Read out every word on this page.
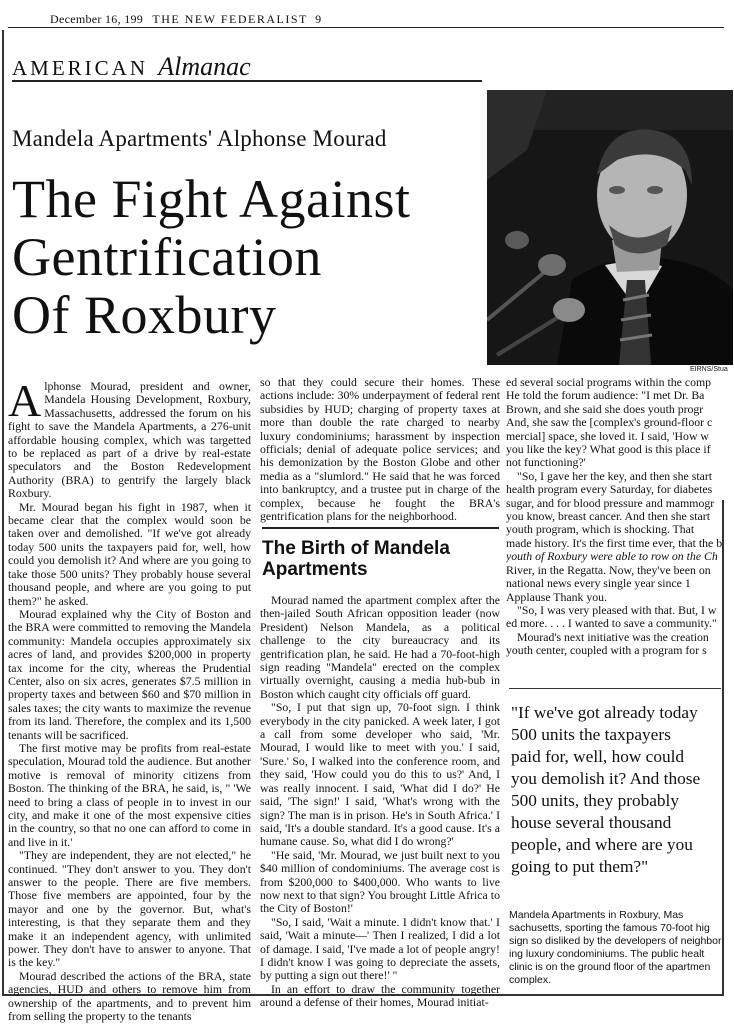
December 16, 199 THE NEW FEDERALIST 9
AMERICAN Almanac
Mandela Apartments' Alphonse Mourad
The Fight Against
Gentrification
Of Roxbury
EIRNS/Stua

Alphonse Mourad, president and owner, Mandela Housing Development, Roxbury, Massachusetts, addressed the forum on his fight to save the Mandela Apartments, a 276-unit affordable housing complex, which was targetted to be replaced as part of a drive by real-estate speculators and the Boston Redevelopment Authority (BRA) to gentrify the largely black Roxbury.

Mr. Mourad began his fight in 1987, when it became clear that the complex would soon be taken over and demolished. "If we've got already today 500 units the taxpayers paid for, well, how could you demolish it? And where are you going to take those 500 units? They probably house several thousand people, and where are you going to put them?" he asked.

Mourad explained why the City of Boston and the BRA were committed to removing the Mandela community: Mandela occupies approximately six acres of land, and provides $200,000 in property tax income for the city, whereas the Prudential Center, also on six acres, generates $7.5 million in property taxes and between $60 and $70 million in sales taxes; the city wants to maximize the revenue from its land. Therefore, the complex and its 1,500 tenants will be sacrificed.

The first motive may be profits from real-estate speculation, Mourad told the audience. But another motive is removal of minority citizens from Boston. The thinking of the BRA, he said, is, " 'We need to bring a class of people in to invest in our city, and make it one of the most expensive cities in the country, so that no one can afford to come in and live in it.'

"They are independent, they are not elected," he continued. "They don't answer to you. They don't answer to the people. There are five members. Those five members are appointed, four by the mayor and one by the governor. But, what's interesting, is that they separate them and they make it an independent agency, with unlimited power. They don't have to answer to anyone. That is the key."

Mourad described the actions of the BRA, state agencies, HUD and others to remove him from ownership of the apartments, and to prevent him from selling the property to the tenants

so that they could secure their homes. These actions include: 30% underpayment of federal rent subsidies by HUD; charging of property taxes at more than double the rate charged to nearby luxury condominiums; harassment by inspection officials; denial of adequate police services; and his demonization by the Boston Globe and other media as a "slumlord." He said that he was forced into bankruptcy, and a trustee put in charge of the complex, because he fought the BRA's gentrification plans for the neighborhood.

The Birth of Mandela
Apartments

Mourad named the apartment complex after the then-jailed South African opposition leader (now President) Nelson Mandela, as a political challenge to the city bureaucracy and its gentrification plan, he said. He had a 70-foot-high sign reading "Mandela" erected on the complex virtually overnight, causing a media hub-bub in Boston which caught city officials off guard.

"So, I put that sign up, 70-foot sign. I think everybody in the city panicked. A week later, I got a call from some developer who said, 'Mr. Mourad, I would like to meet with you.' I said, 'Sure.' So, I walked into the conference room, and they said, 'How could you do this to us?' And, I was really innocent. I said, 'What did I do?' He said, 'The sign!' I said, 'What's wrong with the sign? The man is in prison. He's in South Africa.' I said, 'It's a double standard. It's a good cause. It's a humane cause. So, what did I do wrong?'

"He said, 'Mr. Mourad, we just built next to you $40 million of condominiums. The average cost is from $200,000 to $400,000. Who wants to live now next to that sign? You brought Little Africa to the City of Boston!'

"So, I said, 'Wait a minute. I didn't know that.' I said, 'Wait a minute—' Then I realized, I did a lot of damage. I said, 'I've made a lot of people angry! I didn't know I was going to depreciate the assets, by putting a sign out there!' "

In an effort to draw the community together around a defense of their homes, Mourad initiat-

ed several social programs within the comp

He told the forum audience: "I met Dr. Ba

Brown, and she said she does youth progr

And, she saw the [complex's ground-floor c

mercial] space, she loved it. I said, 'How w

you like the key? What good is this place if

not functioning?'

"So, I gave her the key, and then she start

health program every Saturday, for diabetes

sugar, and for blood pressure and mammogr

you know, breast cancer. And then she start

youth program, which is shocking. That

made history. It's the first time ever, that the b

youth of Roxbury were able to row on the Ch

River, in the Regatta. Now, they've been on

national news every single year since 1

Applause Thank you.

"So, I was very pleased with that. But, I w

ed more. . . . I wanted to save a community."

Mourad's next initiative was the creation

youth center, coupled with a program for s

"If we've got already today
500 units the taxpayers
paid for, well, how could
you demolish it? And those
500 units, they probably
house several thousand
people, and where are you
going to put them?"
Mandela Apartments in Roxbury, Mas
sachusetts, sporting the famous 70-foot hig
sign so disliked by the developers of neighbor
ing luxury condominiums. The public healt
clinic is on the ground floor of the apartmen
complex.
